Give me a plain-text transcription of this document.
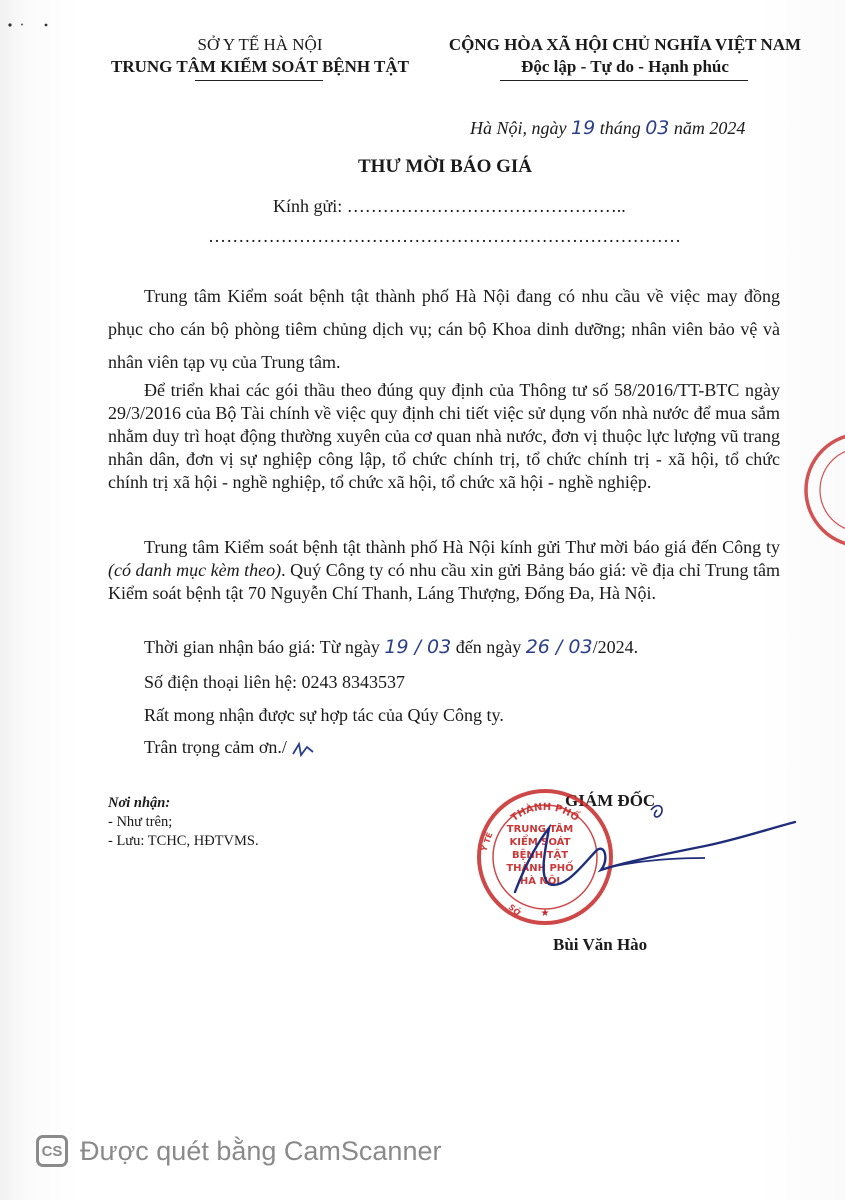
SỞ Y TẾ HÀ NỘI
TRUNG TÂM KIỂM SOÁT BỆNH TẬT
CỘNG HÒA XÃ HỘI CHỦ NGHĨA VIỆT NAM
Độc lập - Tự do - Hạnh phúc
Hà Nội, ngày 19 tháng 03 năm 2024
THƯ MỜI BÁO GIÁ
Kính gửi: ………………………………………..
……………………………………………………………………
Trung tâm Kiểm soát bệnh tật thành phố Hà Nội đang có nhu cầu về việc may đồng phục cho cán bộ phòng tiêm chủng dịch vụ; cán bộ Khoa dinh dưỡng; nhân viên bảo vệ và nhân viên tạp vụ của Trung tâm.
Để triển khai các gói thầu theo đúng quy định của Thông tư số 58/2016/TT-BTC ngày 29/3/2016 của Bộ Tài chính về việc quy định chi tiết việc sử dụng vốn nhà nước để mua sắm nhằm duy trì hoạt động thường xuyên của cơ quan nhà nước, đơn vị thuộc lực lượng vũ trang nhân dân, đơn vị sự nghiệp công lập, tổ chức chính trị, tổ chức chính trị - xã hội, tổ chức chính trị xã hội - nghề nghiệp, tổ chức xã hội, tổ chức xã hội - nghề nghiệp.
Trung tâm Kiểm soát bệnh tật thành phố Hà Nội kính gửi Thư mời báo giá đến Công ty (có danh mục kèm theo). Quý Công ty có nhu cầu xin gửi Bảng báo giá: về địa chỉ Trung tâm Kiểm soát bệnh tật 70 Nguyễn Chí Thanh, Láng Thượng, Đống Đa, Hà Nội.
Thời gian nhận báo giá: Từ ngày 19 / 03 đến ngày 26 / 03/2024.
Số điện thoại liên hệ: 0243 8343537
Rất mong nhận được sự hợp tác của Qúy Công ty.
Trân trọng cảm ơn./
Nơi nhận:
- Như trên;
- Lưu: TCHC, HĐTVMS.
GIÁM ĐỐC
THÀNH PHỐ
Y TẾ
SỞ
TRUNG TÂM
KIỂM SOÁT
BỆNH TẬT
THÀNH PHỐ
HÀ NỘI
★
Bùi Văn Hào
CS Được quét bằng CamScanner
